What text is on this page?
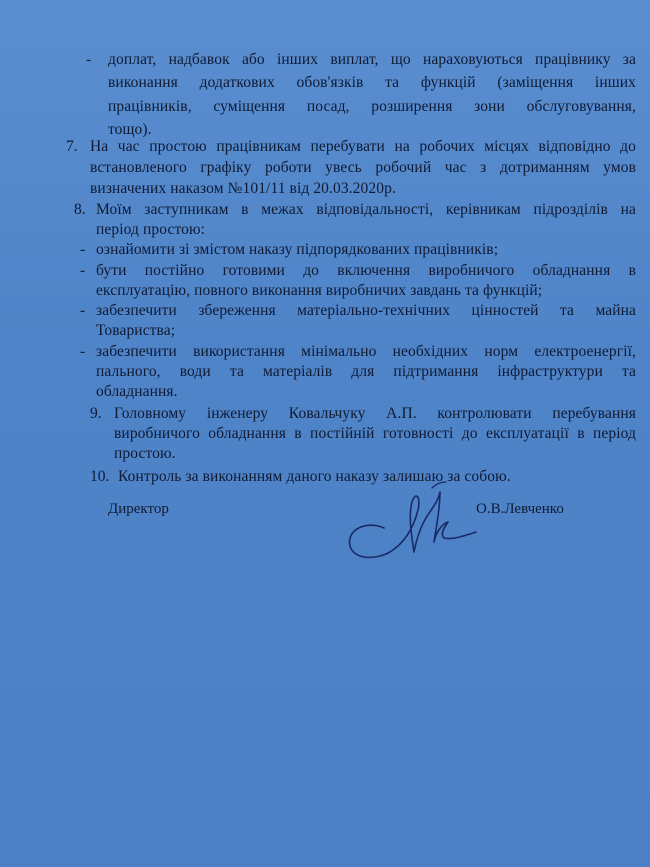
- доплат, надбавок або інших виплат, що нараховуються працівнику за
виконання додаткових обов'язків та функцій (заміщення інших
працівників, суміщення посад, розширення зони обслуговування,
тощо).
7. На час простою працівникам перебувати на робочих місцях відповідно до
встановленого графіку роботи увесь робочий час з дотриманням умов
визначених наказом №101/11 від 20.03.2020р.
8. Моїм заступникам в межах відповідальності, керівникам підрозділів на
період простою:
- ознайомити зі змістом наказу підпорядкованих працівників;
- бути постійно готовими до включення виробничого обладнання в
експлуатацію, повного виконання виробничих завдань та функцій;
- забезпечити збереження матеріально-технічних цінностей та майна
Товариства;
- забезпечити використання мінімально необхідних норм електроенергії,
пального, води та матеріалів для підтримання інфраструктури та
обладнання.
9. Головному інженеру Ковальчуку А.П. контролювати перебування
виробничого обладнання в постійній готовності до експлуатації в період
простою.
10. Контроль за виконанням даного наказу залишаю за собою.
Директор	О.В.Левченко
